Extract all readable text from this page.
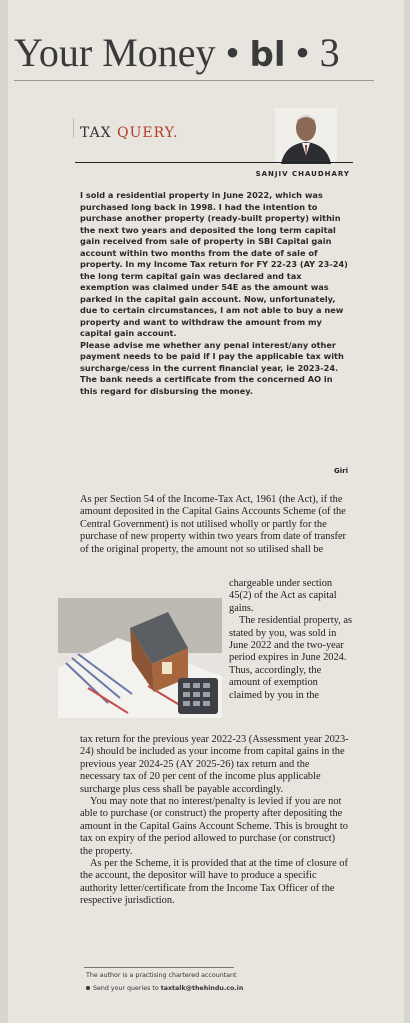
Your Money • bl • 3
TAX QUERY.
SANJIV CHAUDHARY

I sold a residential property in June 2022, which was purchased long back in 1998. I had the intention to purchase another property (ready-built property) within the next two years and deposited the long term capital gain received from sale of property in SBI Capital gain account within two months from the date of sale of property. In my Income Tax return for FY 22-23 (AY 23-24) the long term capital gain was declared and tax exemption was claimed under 54E as the amount was parked in the capital gain account. Now, unfortunately, due to certain circumstances, I am not able to buy a new property and want to withdraw the amount from my capital gain account.

Please advise me whether any penal interest/any other payment needs to be paid if I pay the applicable tax with surcharge/cess in the current financial year, ie 2023-24. The bank needs a certificate from the concerned AO in this regard for disbursing the money.

Giri

As per Section 54 of the Income-Tax Act, 1961 (the Act), if the amount deposited in the Capital Gains Accounts Scheme (of the Central Government) is not utilised wholly or partly for the purchase of new property within two years from date of transfer of the original property, the amount not so utilised shall be

chargeable under section 45(2) of the Act as capital gains.

The residential property, as stated by you, was sold in June 2022 and the two-year period expires in June 2024. Thus, accordingly, the amount of exemption claimed by you in the

tax return for the previous year 2022-23 (Assessment year 2023-24) should be included as your income from capital gains in the previous year 2024-25 (AY 2025-26) tax return and the necessary tax of 20 per cent of the income plus applicable surcharge plus cess shall be payable accordingly.

You may note that no interest/penalty is levied if you are not able to purchase (or construct) the property after depositing the amount in the Capital Gains Account Scheme. This is brought to tax on expiry of the period allowed to purchase (or construct) the property.

As per the Scheme, it is provided that at the time of closure of the account, the depositor will have to produce a specific authority letter/certificate from the Income Tax Officer of the respective jurisdiction.

The author is a practising chartered accountant
Send your queries to taxtalk@thehindu.co.in
